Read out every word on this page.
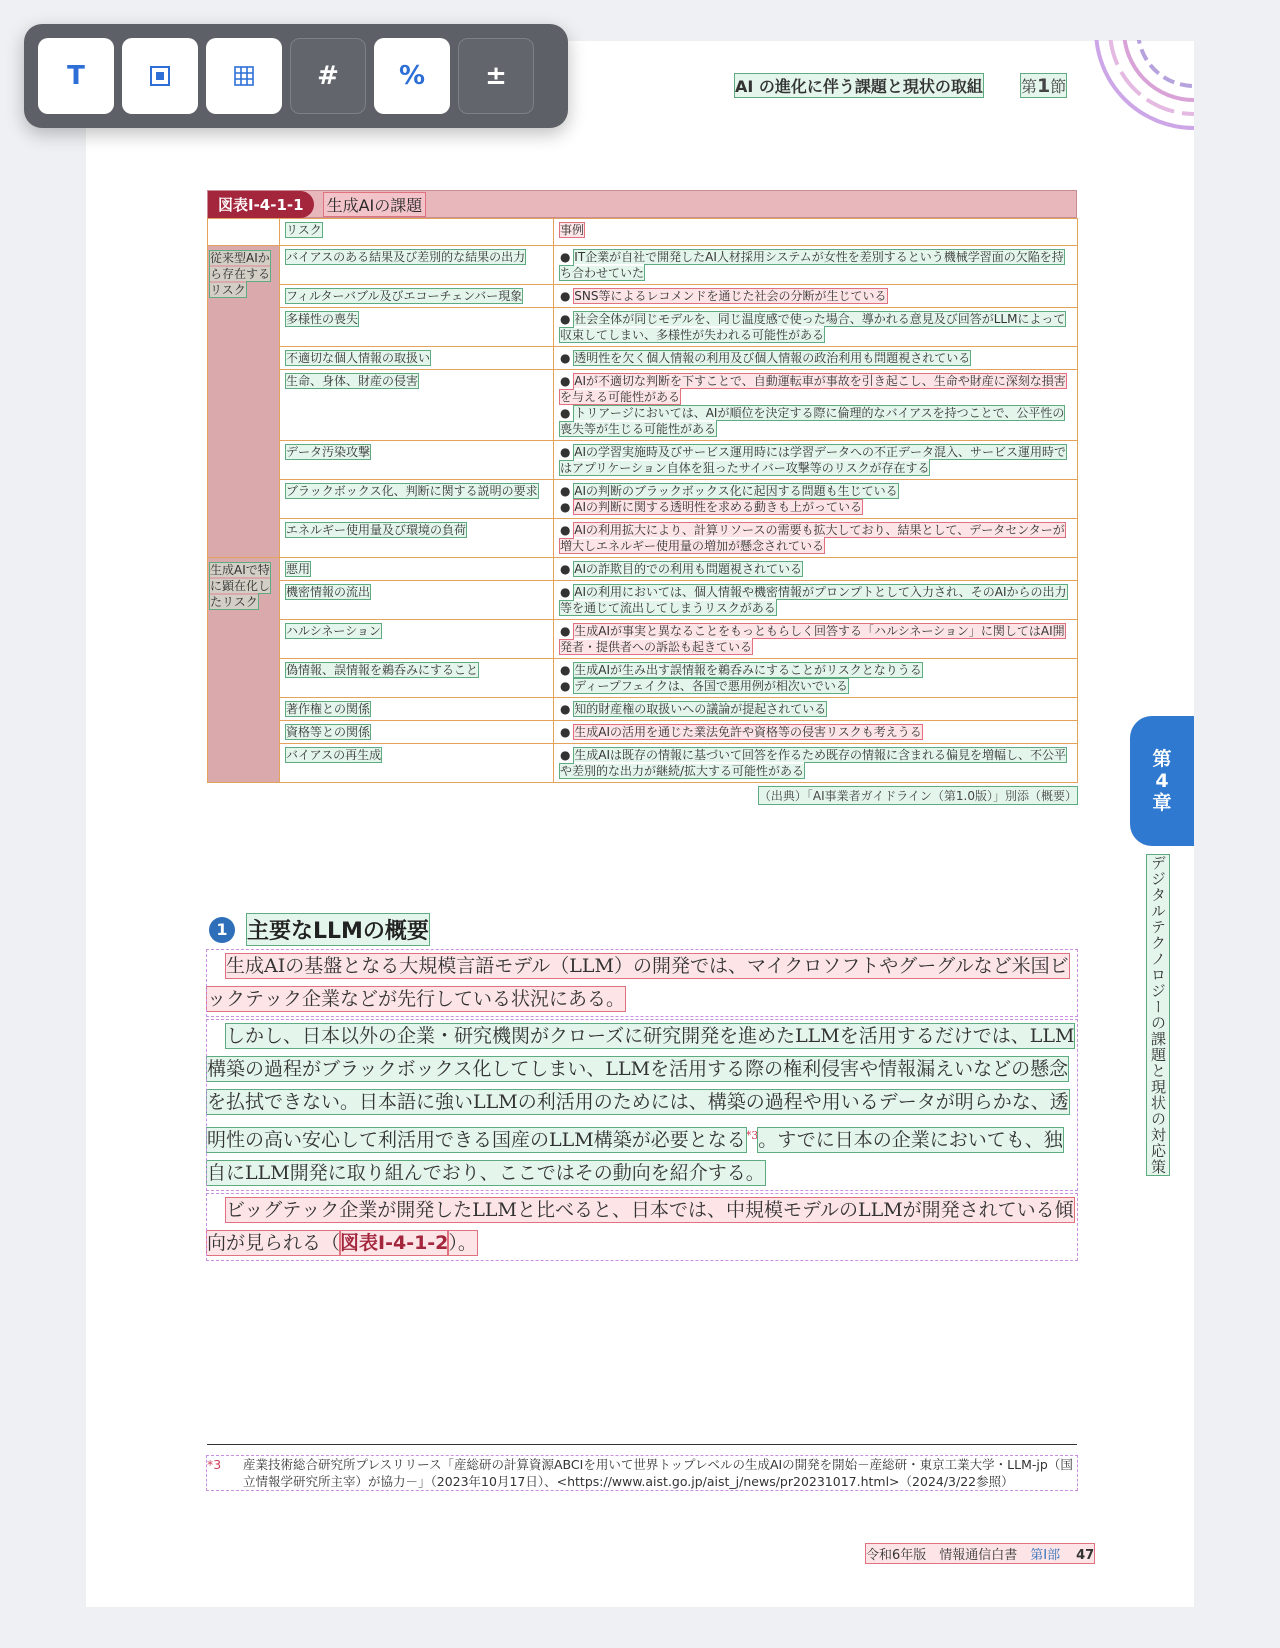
T	# % ±	AI の進化に伴う課題と現状の取組 第1節
図表Ⅰ-4-1-1	生成AIの課題
	リスク	事例
従来型AIから存在するリスク	バイアスのある結果及び差別的な結果の出力	● IT企業が自社で開発したAI人材採用システムが女性を差別するという機械学習面の欠陥を持ち合わせていた

	フィルターバブル及びエコーチェンバー現象	● SNS等によるレコメンドを通じた社会の分断が生じている

	多様性の喪失	● 社会全体が同じモデルを、同じ温度感で使った場合、導かれる意見及び回答がLLMによって収束してしまい、多様性が失われる可能性がある

	不適切な個人情報の取扱い	● 透明性を欠く個人情報の利用及び個人情報の政治利用も問題視されている

	生命、身体、財産の侵害	● AIが不適切な判断を下すことで、自動運転車が事故を引き起こし、生命や財産に深刻な損害を与える可能性がある
● トリアージにおいては、AIが順位を決定する際に倫理的なバイアスを持つことで、公平性の喪失等が生じる可能性がある

	データ汚染攻撃	● AIの学習実施時及びサービス運用時には学習データへの不正データ混入、サービス運用時ではアプリケーション自体を狙ったサイバー攻撃等のリスクが存在する

	ブラックボックス化、判断に関する説明の要求	● AIの判断のブラックボックス化に起因する問題も生じている
● AIの判断に関する透明性を求める動きも上がっている

	エネルギー使用量及び環境の負荷	● AIの利用拡大により、計算リソースの需要も拡大しており、結果として、データセンターが増大しエネルギー使用量の増加が懸念されている

生成AIで特に顕在化したリスク	悪用	● AIの詐欺目的での利用も問題視されている

	機密情報の流出	● AIの利用においては、個人情報や機密情報がプロンプトとして入力され、そのAIからの出力等を通じて流出してしまうリスクがある

	ハルシネーション	● 生成AIが事実と異なることをもっともらしく回答する「ハルシネーション」に関してはAI開発者・提供者への訴訟も起きている

	偽情報、誤情報を鵜呑みにすること	● 生成AIが生み出す誤情報を鵜呑みにすることがリスクとなりうる
● ディープフェイクは、各国で悪用例が相次いでいる

	著作権との関係	● 知的財産権の取扱いへの議論が提起されている

	資格等との関係	● 生成AIの活用を通じた業法免許や資格等の侵害リスクも考えうる

	バイアスの再生成	● 生成AIは既存の情報に基づいて回答を作るため既存の情報に含まれる偏見を増幅し、不公平や差別的な出力が継続/拡大する可能性がある
（出典）「AI事業者ガイドライン（第1.0版）」別添（概要）
1 主要なLLMの概要
　生成AIの基盤となる大規模言語モデル（LLM）の開発では、マイクロソフトやグーグルなど米国ビックテック企業などが先行している状況にある。
　しかし、日本以外の企業・研究機関がクローズに研究開発を進めたLLMを活用するだけでは、LLM構築の過程がブラックボックス化してしまい、LLMを活用する際の権利侵害や情報漏えいなどの懸念を払拭できない。日本語に強いLLMの利活用のためには、構築の過程や用いるデータが明らかな、透明性の高い安心して利活用できる国産のLLM構築が必要となる$^{*3}$。すでに日本の企業においても、独自にLLM開発に取り組んでおり、ここではその動向を紹介する。
　ビッグテック企業が開発したLLMと比べると、日本では、中規模モデルのLLMが開発されている傾向が見られる（図表Ⅰ-4-1-2）。
*3 産業技術総合研究所プレスリリース「産総研の計算資源ABCIを用いて世界トップレベルの生成AIの開発を開始－産総研・東京工業大学・LLM-jp（国立情報学研究所主宰）が協力－」（2023年10月17日）、<https://www.aist.go.jp/aist_j/news/pr20231017.html>（2024/3/22参照）
令和6年版　情報通信白書　 第Ⅰ部 47
第
4
章
デジタルテクノロジーの課題と現状の対応策
